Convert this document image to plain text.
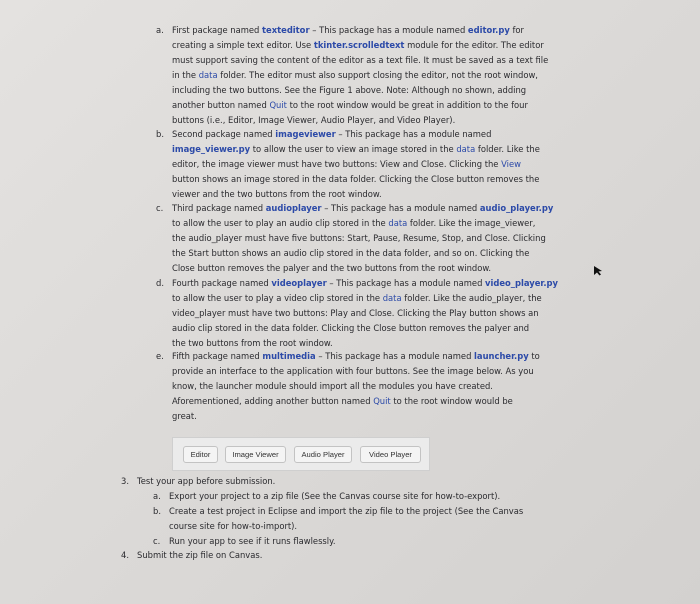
a. First package named texteditor – This package has a module named editor.py for
creating a simple text editor. Use tkinter.scrolledtext module for the editor. The editor
must support saving the content of the editor as a text file. It must be saved as a text file
in the data folder. The editor must also support closing the editor, not the root window,
including the two buttons. See the Figure 1 above. Note: Although no shown, adding
another button named Quit to the root window would be great in addition to the four
buttons (i.e., Editor, Image Viewer, Audio Player, and Video Player).
b. Second package named imageviewer – This package has a module named
image_viewer.py to allow the user to view an image stored in the data folder. Like the
editor, the image viewer must have two buttons: View and Close. Clicking the View
button shows an image stored in the data folder. Clicking the Close button removes the
viewer and the two buttons from the root window.
c. Third package named audioplayer – This package has a module named audio_player.py
to allow the user to play an audio clip stored in the data folder. Like the image_viewer,
the audio_player must have five buttons: Start, Pause, Resume, Stop, and Close. Clicking
the Start button shows an audio clip stored in the data folder, and so on. Clicking the
Close button removes the palyer and the two buttons from the root window.
d. Fourth package named videoplayer – This package has a module named video_player.py
to allow the user to play a video clip stored in the data folder. Like the audio_player, the
video_player must have two buttons: Play and Close. Clicking the Play button shows an
audio clip stored in the data folder. Clicking the Close button removes the palyer and
the two buttons from the root window.
e. Fifth package named multimedia – This package has a module named launcher.py to
provide an interface to the application with four buttons. See the image below. As you
know, the launcher module should import all the modules you have created.
Aforementioned, adding another button named Quit to the root window would be
great.
Editor	Image Viewer	Audio Player	Video Player
3. Test your app before submission.
a. Export your project to a zip file (See the Canvas course site for how-to-export).
b. Create a test project in Eclipse and import the zip file to the project (See the Canvas
course site for how-to-import).
c. Run your app to see if it runs flawlessly.
4. Submit the zip file on Canvas.
